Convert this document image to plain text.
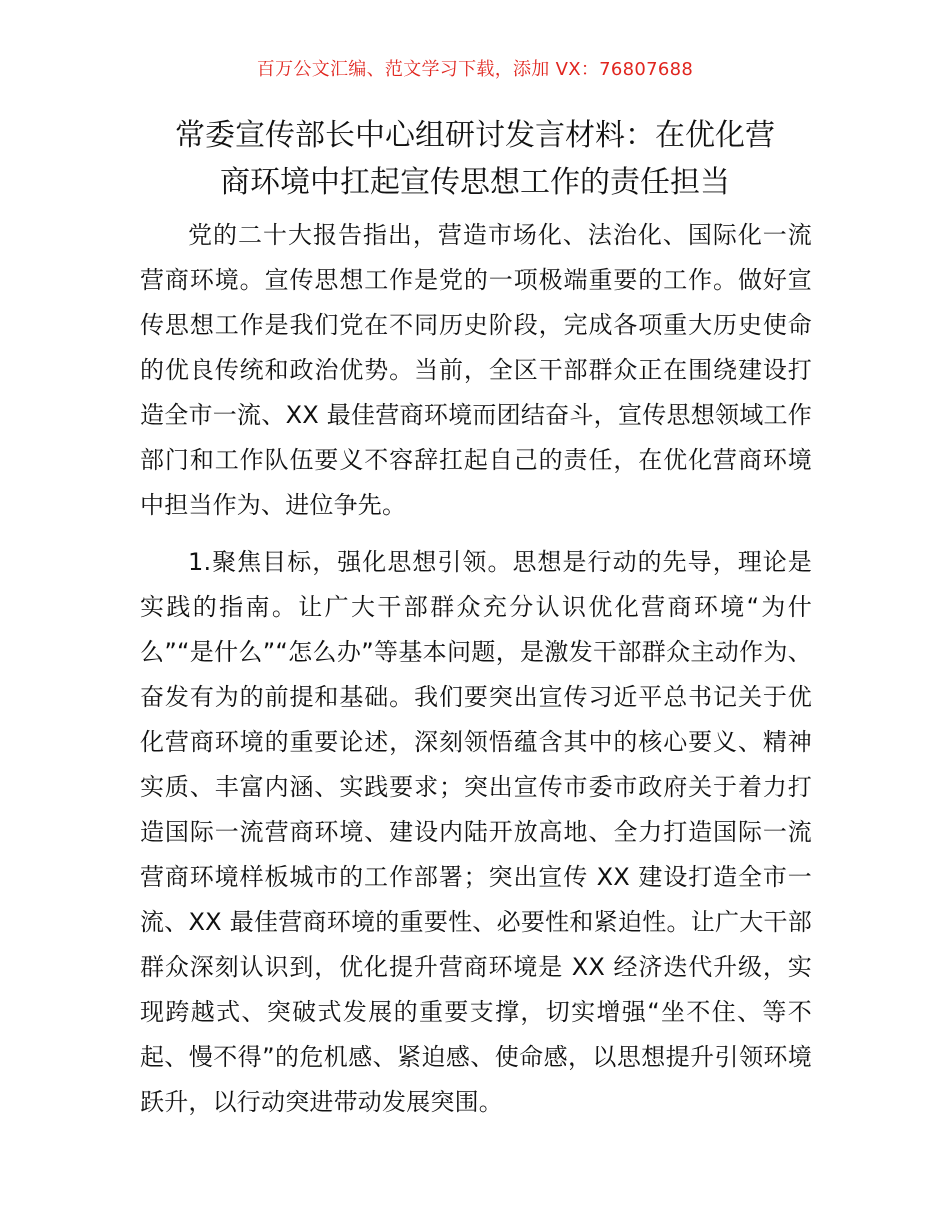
百万公文汇编、范文学习下载，添加 VX：76807688
常委宣传部长中心组研讨发言材料：在优化营
商环境中扛起宣传思想工作的责任担当

党的二十大报告指出，营造市场化、法治化、国际化一流营商环境。宣传思想工作是党的一项极端重要的工作。做好宣传思想工作是我们党在不同历史阶段，完成各项重大历史使命的优良传统和政治优势。当前，全区干部群众正在围绕建设打造全市一流、XX 最佳营商环境而团结奋斗，宣传思想领域工作部门和工作队伍要义不容辞扛起自己的责任，在优化营商环境中担当作为、进位争先。

1.聚焦目标，强化思想引领。思想是行动的先导，理论是实践的指南。让广大干部群众充分认识优化营商环境“为什么”“是什么”“怎么办”等基本问题，是激发干部群众主动作为、奋发有为的前提和基础。我们要突出宣传习近平总书记关于优化营商环境的重要论述，深刻领悟蕴含其中的核心要义、精神实质、丰富内涵、实践要求；突出宣传市委市政府关于着力打造国际一流营商环境、建设内陆开放高地、全力打造国际一流营商环境样板城市的工作部署；突出宣传 XX 建设打造全市一流、XX 最佳营商环境的重要性、必要性和紧迫性。让广大干部群众深刻认识到，优化提升营商环境是 XX 经济迭代升级，实现跨越式、突破式发展的重要支撑，切实增强“坐不住、等不起、慢不得”的危机感、紧迫感、使命感，以思想提升引领环境跃升，以行动突进带动发展突围。
